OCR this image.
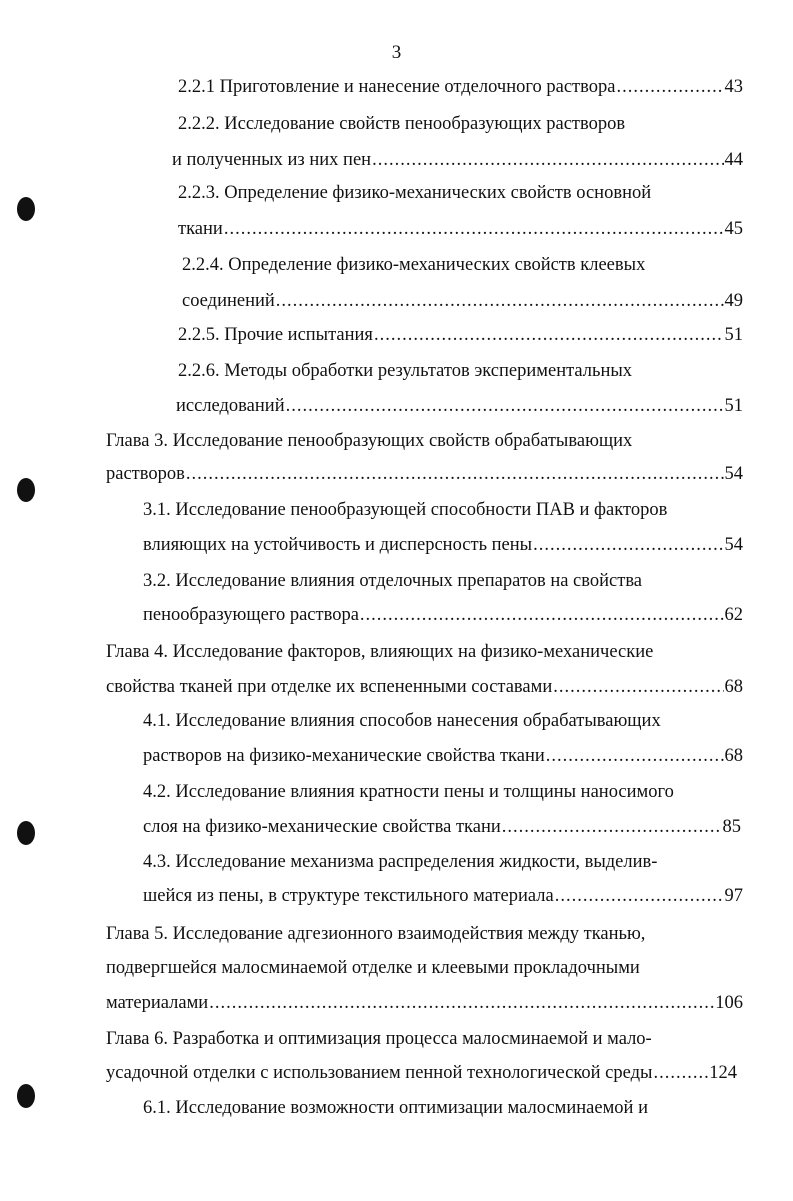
3
2.2.1 Приготовление и нанесение отделочного раствора .....	43
2.2.2. Исследование свойств пенообразующих растворов
и полученных из них пен .....	44
2.2.3. Определение физико-механических свойств основной
ткани .....	45
2.2.4. Определение физико-механических свойств клеевых
соединений .....	49
2.2.5. Прочие испытания .....	51
2.2.6. Методы обработки результатов экспериментальных
исследований .....	51
Глава 3. Исследование пенообразующих свойств обрабатывающих
растворов .....	54
3.1. Исследование пенообразующей способности ПАВ и факторов
влияющих на устойчивость и дисперсность пены .....	54
3.2. Исследование влияния отделочных препаратов на свойства
пенообразующего раствора .....	62
Глава 4. Исследование факторов, влияющих на физико-механические
свойства тканей при отделке их вспененными составами .....	68
4.1. Исследование влияния способов нанесения обрабатывающих
растворов на физико-механические свойства ткани .....	68
4.2. Исследование влияния кратности пены и толщины наносимого
слоя на физико-механические свойства ткани .....	85
4.3. Исследование механизма распределения жидкости, выделив-
шейся из пены, в структуре текстильного материала .....	97
Глава 5. Исследование адгезионного взаимодействия между тканью,
подвергшейся малосминаемой отделке и клеевыми прокладочными
материалами .....	106
Глава 6. Разработка и оптимизация процесса малосминаемой и мало-
усадочной отделки с использованием пенной технологической среды .....	124
6.1. Исследование возможности оптимизации малосминаемой и
